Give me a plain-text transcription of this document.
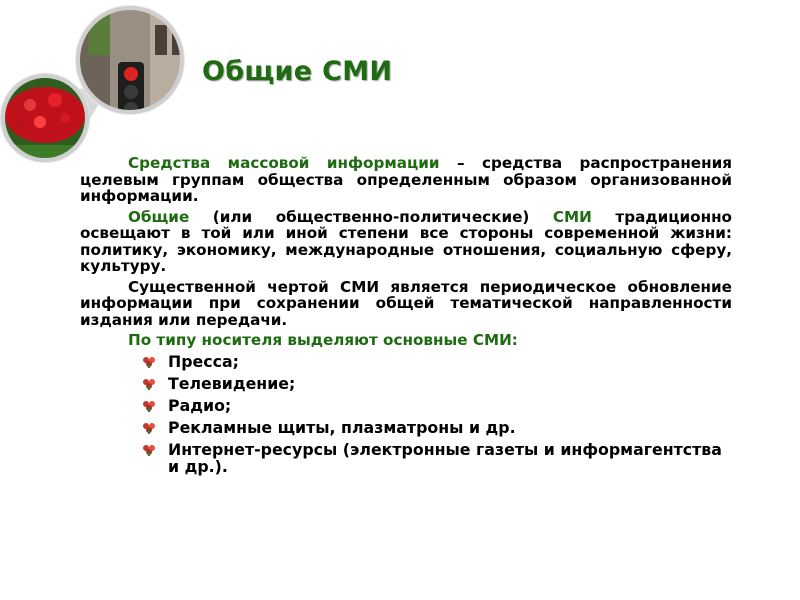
Общие СМИ

Средства массовой информации – средства распространения целевым группам общества определенным образом организованной информации.

Общие (или общественно-политические) СМИ традиционно освещают в той или иной степени все стороны современной жизни: политику, экономику, международные отношения, социальную сферу, культуру.

Существенной чертой СМИ является периодическое обновление информации при сохранении общей тематической направленности издания или передачи.

По типу носителя выделяют основные СМИ:
Пресса;
Телевидение;
Радио;
Рекламные щиты, плазматроны и др.
Интернет-ресурсы (электронные газеты и информагентства и др.).
